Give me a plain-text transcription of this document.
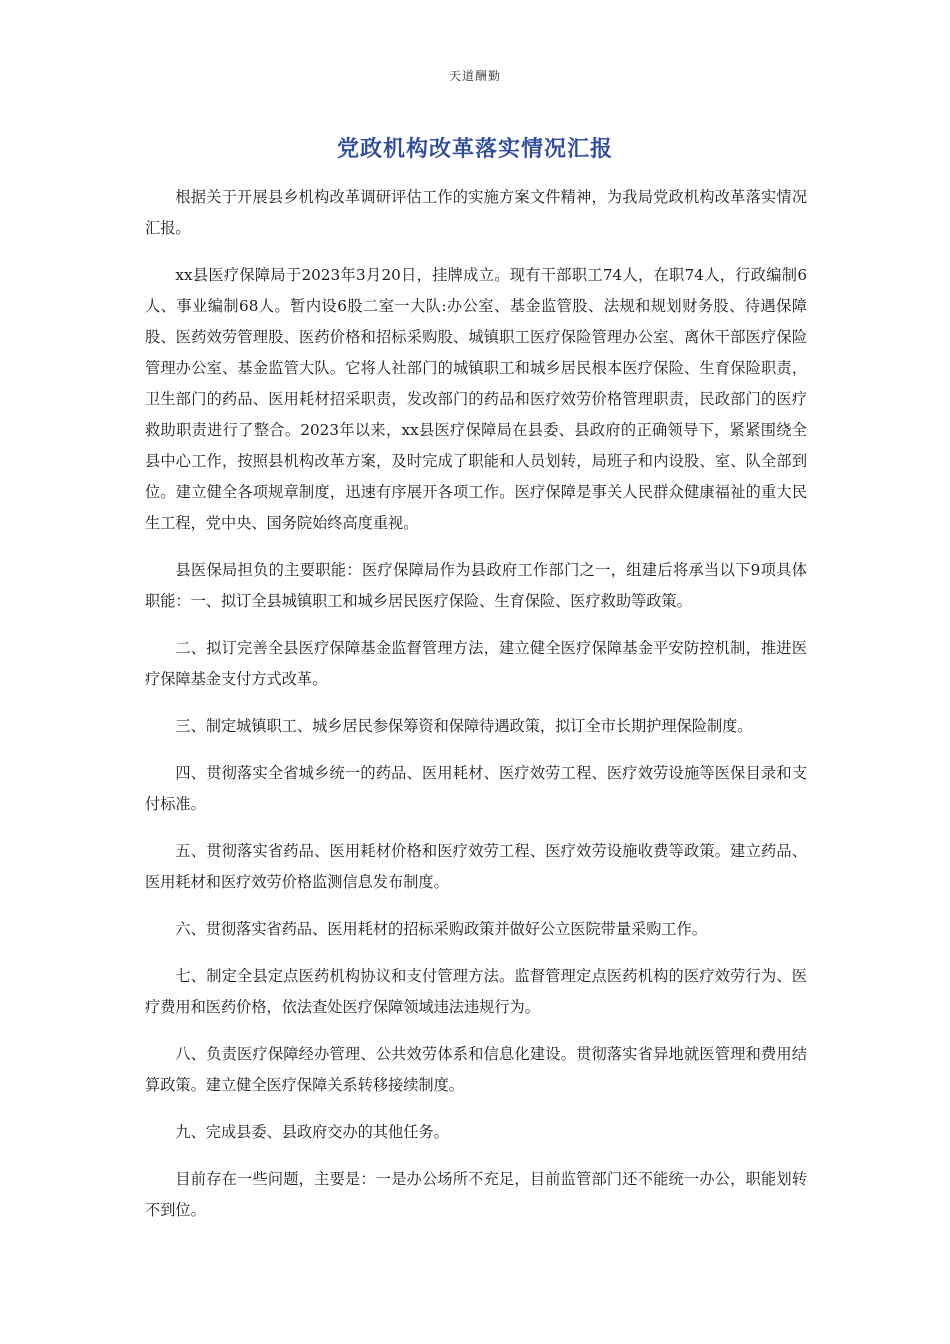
天道酬勤
党政机构改革落实情况汇报

根据关于开展县乡机构改革调研评估工作的实施方案文件精神，为我局党政机构改革落实情况汇报。

xx县医疗保障局于2023年3月20日，挂牌成立。现有干部职工74人，在职74人，行政编制6人、事业编制68人。暂内设6股二室一大队:办公室、基金监管股、法规和规划财务股、待遇保障股、医药效劳管理股、医药价格和招标采购股、城镇职工医疗保险管理办公室、离休干部医疗保险管理办公室、基金监管大队。它将人社部门的城镇职工和城乡居民根本医疗保险、生育保险职责，卫生部门的药品、医用耗材招采职责，发改部门的药品和医疗效劳价格管理职责，民政部门的医疗救助职责进行了整合。2023年以来，xx县医疗保障局在县委、县政府的正确领导下，紧紧围绕全县中心工作，按照县机构改革方案，及时完成了职能和人员划转，局班子和内设股、室、队全部到位。建立健全各项规章制度，迅速有序展开各项工作。医疗保障是事关人民群众健康福祉的重大民生工程，党中央、国务院始终高度重视。

县医保局担负的主要职能：医疗保障局作为县政府工作部门之一，组建后将承当以下9项具体职能：一、拟订全县城镇职工和城乡居民医疗保险、生育保险、医疗救助等政策。

二、拟订完善全县医疗保障基金监督管理方法，建立健全医疗保障基金平安防控机制，推进医疗保障基金支付方式改革。

三、制定城镇职工、城乡居民参保筹资和保障待遇政策，拟订全市长期护理保险制度。

四、贯彻落实全省城乡统一的药品、医用耗材、医疗效劳工程、医疗效劳设施等医保目录和支付标准。

五、贯彻落实省药品、医用耗材价格和医疗效劳工程、医疗效劳设施收费等政策。建立药品、医用耗材和医疗效劳价格监测信息发布制度。

六、贯彻落实省药品、医用耗材的招标采购政策并做好公立医院带量采购工作。

七、制定全县定点医药机构协议和支付管理方法。监督管理定点医药机构的医疗效劳行为、医疗费用和医药价格，依法查处医疗保障领域违法违规行为。

八、负责医疗保障经办管理、公共效劳体系和信息化建设。贯彻落实省异地就医管理和费用结算政策。建立健全医疗保障关系转移接续制度。

九、完成县委、县政府交办的其他任务。

目前存在一些问题，主要是：一是办公场所不充足，目前监管部门还不能统一办公，职能划转不到位。
